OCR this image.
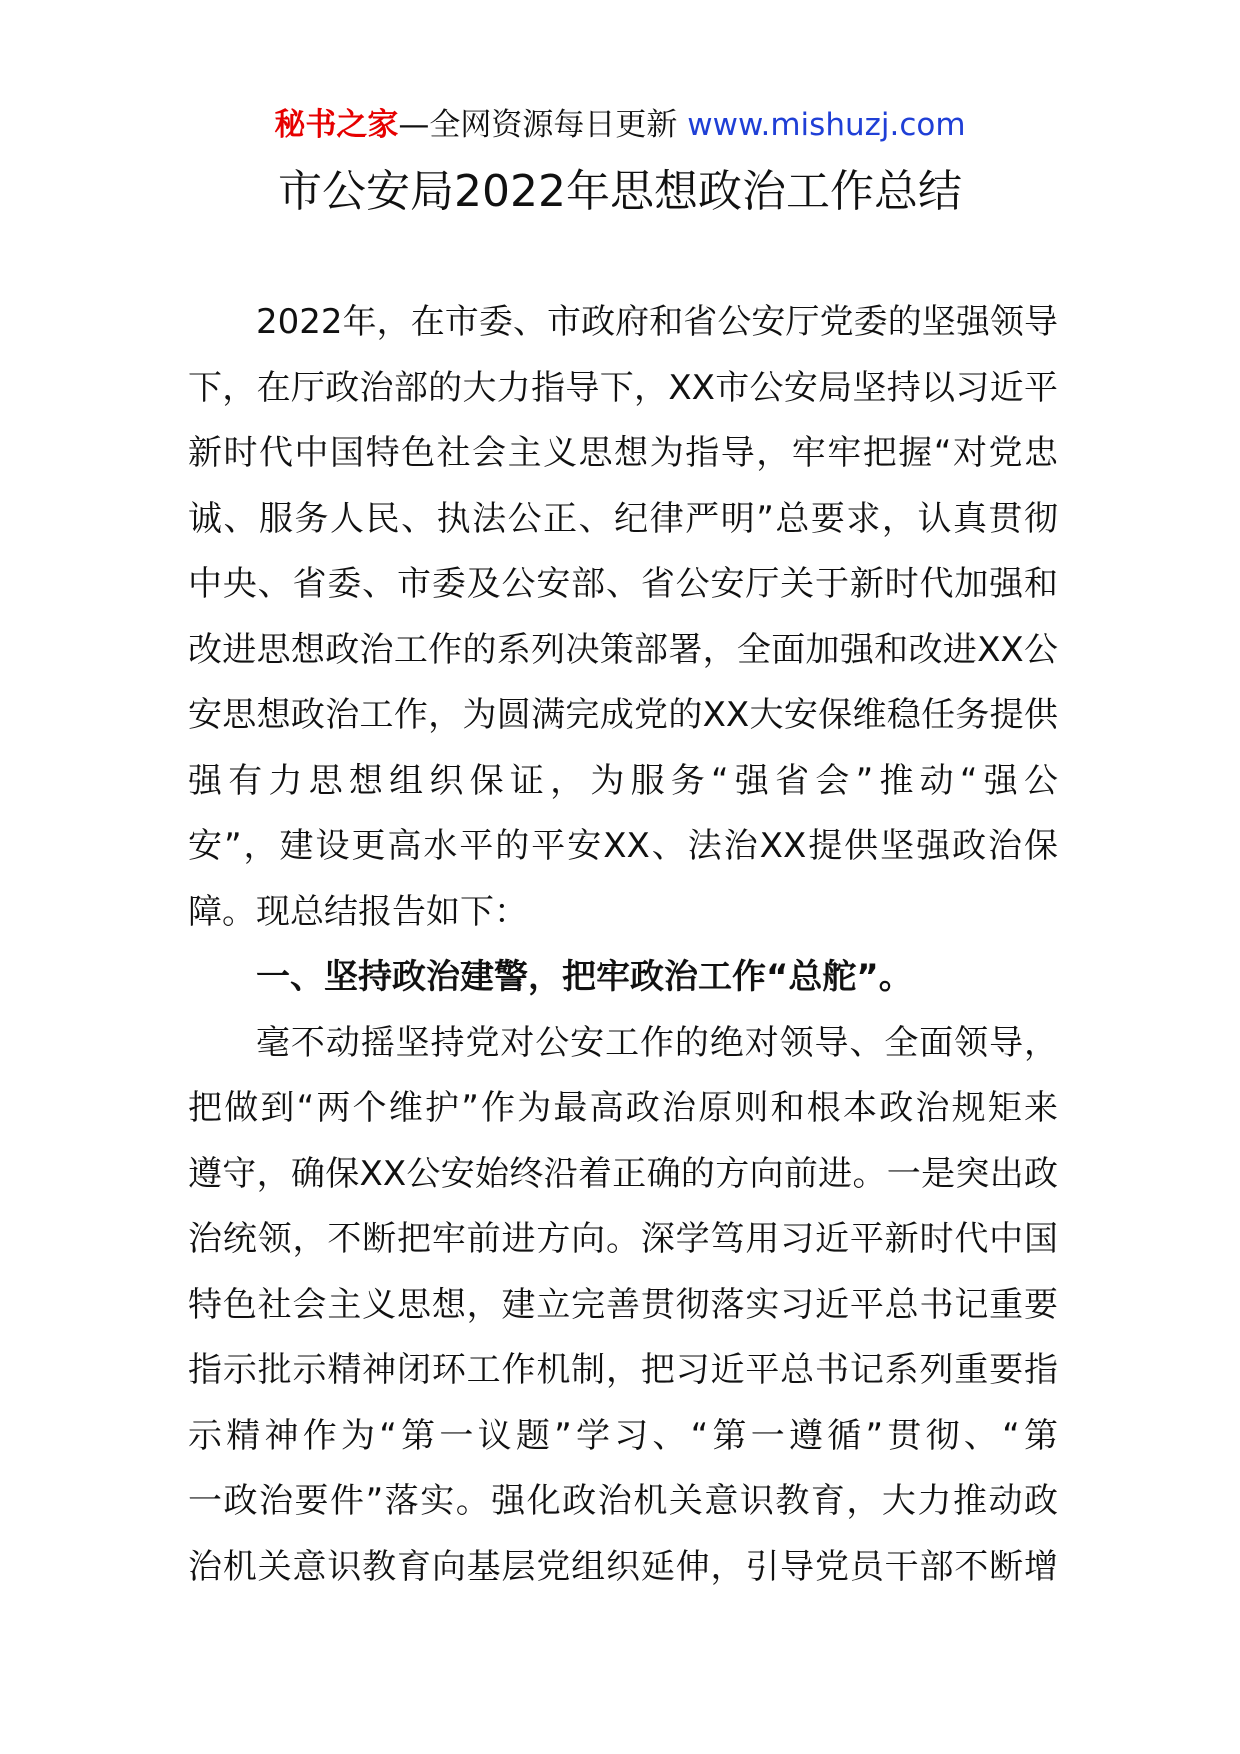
秘书之家—全网资源每日更新 www.mishuzj.com
市公安局2022年思想政治工作总结
2022年，在市委、市政府和省公安厅党委的坚强领导
下，在厅政治部的大力指导下，XX市公安局坚持以习近平
新时代中国特色社会主义思想为指导，牢牢把握“对党忠
诚、服务人民、执法公正、纪律严明”总要求，认真贯彻
中央、省委、市委及公安部、省公安厅关于新时代加强和
改进思想政治工作的系列决策部署，全面加强和改进XX公
安思想政治工作，为圆满完成党的XX大安保维稳任务提供
强有力思想组织保证，为服务“强省会”推动“强公
安”，建设更高水平的平安XX、法治XX提供坚强政治保
障。现总结报告如下：
一、坚持政治建警，把牢政治工作“总舵”。
毫不动摇坚持党对公安工作的绝对领导、全面领导，
把做到“两个维护”作为最高政治原则和根本政治规矩来
遵守，确保XX公安始终沿着正确的方向前进。一是突出政
治统领，不断把牢前进方向。深学笃用习近平新时代中国
特色社会主义思想，建立完善贯彻落实习近平总书记重要
指示批示精神闭环工作机制，把习近平总书记系列重要指
示精神作为“第一议题”学习、“第一遵循”贯彻、“第
一政治要件”落实。强化政治机关意识教育，大力推动政
治机关意识教育向基层党组织延伸，引导党员干部不断增
